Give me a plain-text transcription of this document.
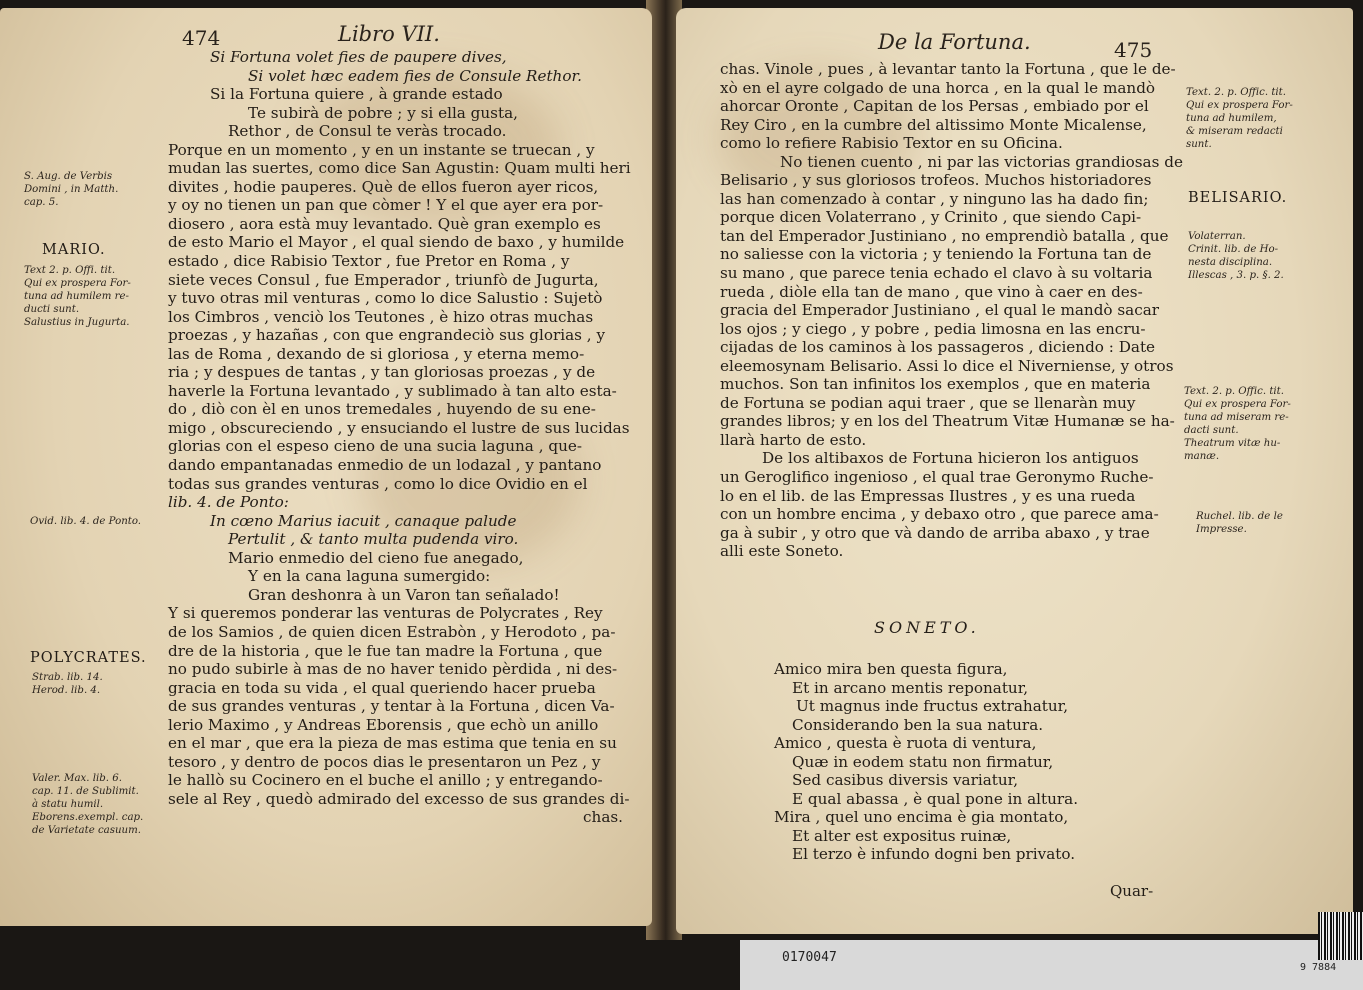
474	Libro VII.
S. Aug. de Verbis
Domini , in Matth.
cap. 5.
MARIO.
Text 2. p. Offi. tit.
Qui ex prospera For-
tuna ad humilem re-
ducti sunt.
Salustius in Jugurta.
Ovid. lib. 4. de Ponto.
POLYCRATES.
Strab. lib. 14.
Herod. lib. 4.
Valer. Max. lib. 6.
cap. 11. de Sublimit.
à statu humil.
Eborens.exempl. cap.
de Varietate casuum.
Si Fortuna volet fies de paupere dives,
Si volet hæc eadem fies de Consule Rethor.
Si la Fortuna quiere , à grande estado
Te subirà de pobre ; y si ella gusta,
Rethor , de Consul te veràs trocado.
Porque en un momento , y en un instante se truecan , y
mudan las suertes, como dice San Agustin: Quam multi heri
divites , hodie pauperes. Què de ellos fueron ayer ricos,
y oy no tienen un pan que còmer ! Y el que ayer era por-
diosero , aora està muy levantado. Què gran exemplo es
de esto Mario el Mayor , el qual siendo de baxo , y humilde
estado , dice Rabisio Textor , fue Pretor en Roma , y
siete veces Consul , fue Emperador , triunfò de Jugurta,
y tuvo otras mil venturas , como lo dice Salustio : Sujetò
los Cimbros , venciò los Teutones , è hizo otras muchas
proezas , y hazañas , con que engrandeciò sus glorias , y
las de Roma , dexando de si gloriosa , y eterna memo-
ria ; y despues de tantas , y tan gloriosas proezas , y de
haverle la Fortuna levantado , y sublimado à tan alto esta-
do , diò con èl en unos tremedales , huyendo de su ene-
migo , obscureciendo , y ensuciando el lustre de sus lucidas
glorias con el espeso cieno de una sucia laguna , que-
dando empantanadas enmedio de un lodazal , y pantano
todas sus grandes venturas , como lo dice Ovidio en el
lib. 4. de Ponto:
In cœno Marius iacuit , canaque palude
Pertulit , & tanto multa pudenda viro.
Mario enmedio del cieno fue anegado,
Y en la cana laguna sumergido:
Gran deshonra à un Varon tan señalado!
Y si queremos ponderar las venturas de Polycrates , Rey
de los Samios , de quien dicen Estrabòn , y Herodoto , pa-
dre de la historia , que le fue tan madre la Fortuna , que
no pudo subirle à mas de no haver tenido pèrdida , ni des-
gracia en toda su vida , el qual queriendo hacer prueba
de sus grandes venturas , y tentar à la Fortuna , dicen Va-
lerio Maximo , y Andreas Eborensis , que echò un anillo
en el mar , que era la pieza de mas estima que tenia en su
tesoro , y dentro de pocos dias le presentaron un Pez , y
le hallò su Cocinero en el buche el anillo ; y entregando-
sele al Rey , quedò admirado del excesso de sus grandes di-
chas.
De la Fortuna.	475
Text. 2. p. Offic. tit.
Qui ex prospera For-
tuna ad humilem,
& miseram redacti
sunt.
BELISARIO.
Volaterran.
Crinit. lib. de Ho-
nesta disciplina.
Illescas , 3. p. §. 2.
Text. 2. p. Offic. tit.
Qui ex prospera For-
tuna ad miseram re-
dacti sunt.
Theatrum vitæ hu-
manæ.
Ruchel. lib. de le
Impresse.
chas. Vinole , pues , à levantar tanto la Fortuna , que le de-
xò en el ayre colgado de una horca , en la qual le mandò
ahorcar Oronte , Capitan de los Persas , embiado por el
Rey Ciro , en la cumbre del altissimo Monte Micalense,
como lo refiere Rabisio Textor en su Oficina.
No tienen cuento , ni par las victorias grandiosas de
Belisario , y sus gloriosos trofeos. Muchos historiadores
las han comenzado à contar , y ninguno las ha dado fin;
porque dicen Volaterrano , y Crinito , que siendo Capi-
tan del Emperador Justiniano , no emprendiò batalla , que
no saliesse con la victoria ; y teniendo la Fortuna tan de
su mano , que parece tenia echado el clavo à su voltaria
rueda , diòle ella tan de mano , que vino à caer en des-
gracia del Emperador Justiniano , el qual le mandò sacar
los ojos ; y ciego , y pobre , pedia limosna en las encru-
cijadas de los caminos à los passageros , diciendo : Date
eleemosynam Belisario. Assi lo dice el Niverniense, y otros
muchos. Son tan infinitos los exemplos , que en materia
de Fortuna se podian aqui traer , que se llenaràn muy
grandes libros; y en los del Theatrum Vitæ Humanæ se ha-
llarà harto de esto.
De los altibaxos de Fortuna hicieron los antiguos
un Geroglifico ingenioso , el qual trae Geronymo Ruche-
lo en el lib. de las Empressas Ilustres , y es una rueda
con un hombre encima , y debaxo otro , que parece ama-
ga à subir , y otro que và dando de arriba abaxo , y trae
alli este Soneto.
SONETO.
Amico mira ben questa figura,
Et in arcano mentis reponatur,
Ut magnus inde fructus extrahatur,
Considerando ben la sua natura.
Amico , questa è ruota di ventura,
Quæ in eodem statu non firmatur,
Sed casibus diversis variatur,
E qual abassa , è qual pone in altura.
Mira , quel uno encima è gia montato,
Et alter est expositus ruinæ,
El terzo è infundo dogni ben privato.
Quar-
0170047
9 7884
